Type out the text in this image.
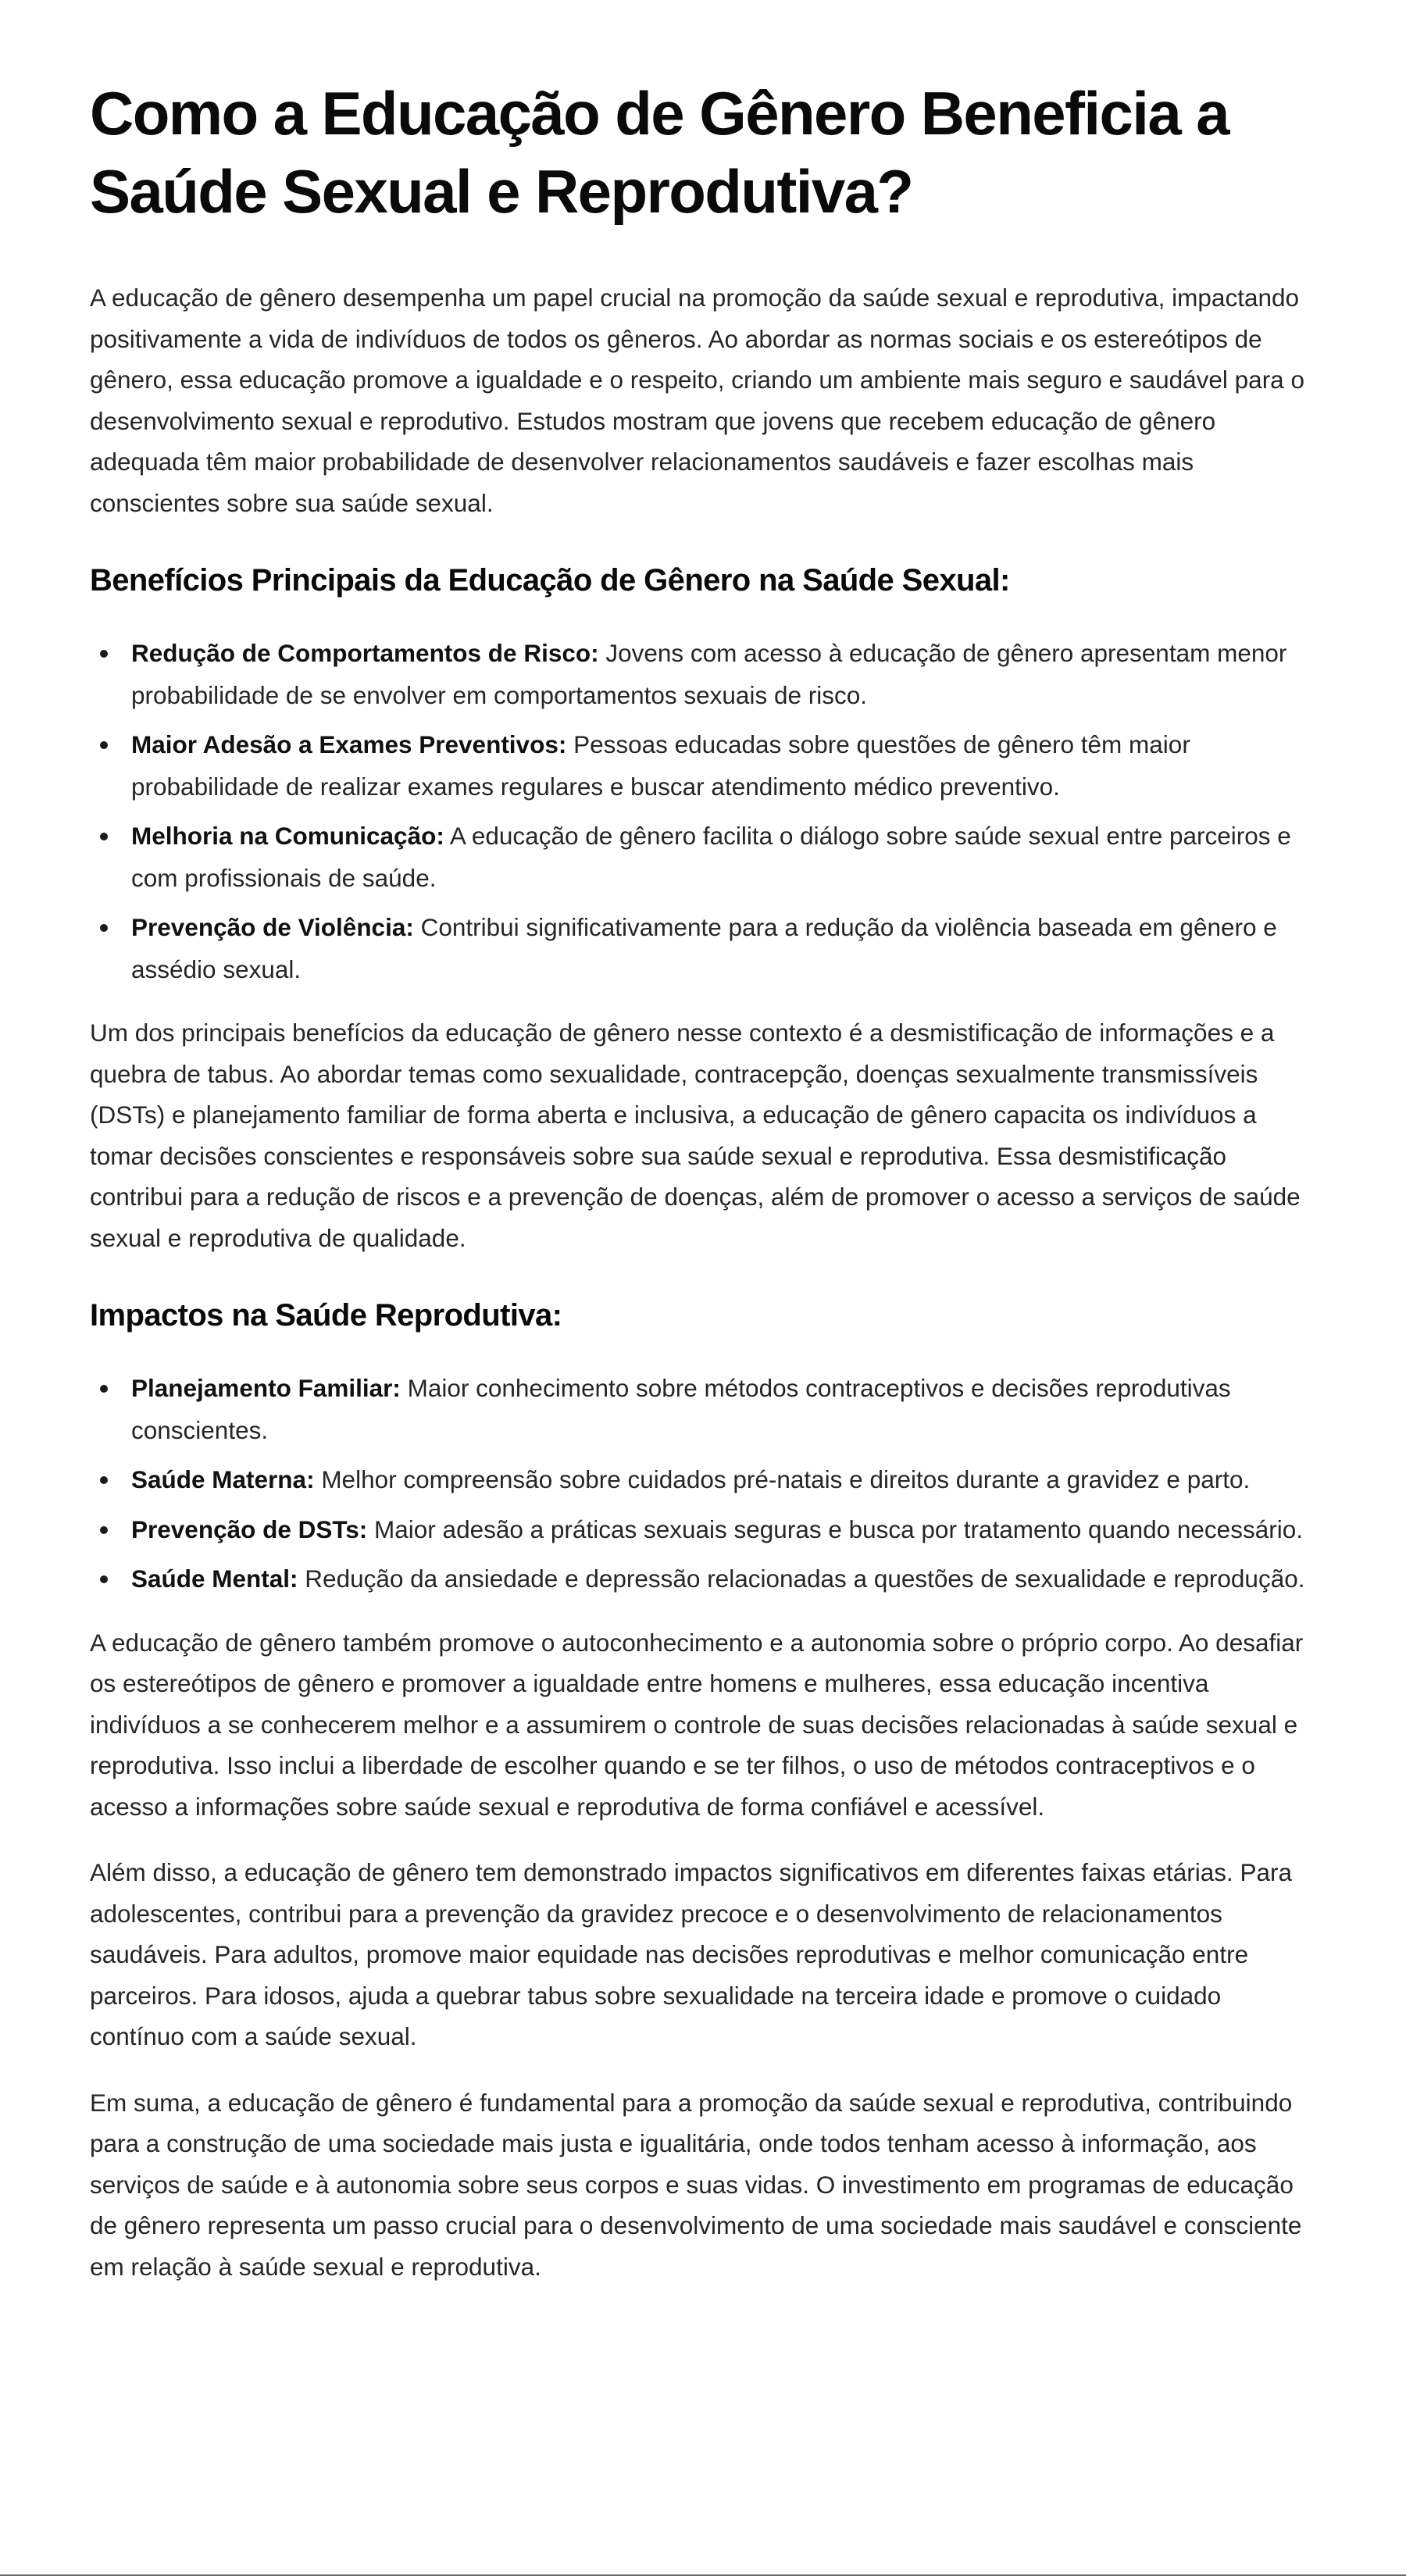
Como a Educação de Gênero Beneficia a Saúde Sexual e Reprodutiva?

A educação de gênero desempenha um papel crucial na promoção da saúde sexual e reprodutiva, impactando positivamente a vida de indivíduos de todos os gêneros. Ao abordar as normas sociais e os estereótipos de gênero, essa educação promove a igualdade e o respeito, criando um ambiente mais seguro e saudável para o desenvolvimento sexual e reprodutivo. Estudos mostram que jovens que recebem educação de gênero adequada têm maior probabilidade de desenvolver relacionamentos saudáveis e fazer escolhas mais conscientes sobre sua saúde sexual.

Benefícios Principais da Educação de Gênero na Saúde Sexual:
Redução de Comportamentos de Risco: Jovens com acesso à educação de gênero apresentam menor probabilidade de se envolver em comportamentos sexuais de risco.
Maior Adesão a Exames Preventivos: Pessoas educadas sobre questões de gênero têm maior probabilidade de realizar exames regulares e buscar atendimento médico preventivo.
Melhoria na Comunicação: A educação de gênero facilita o diálogo sobre saúde sexual entre parceiros e com profissionais de saúde.
Prevenção de Violência: Contribui significativamente para a redução da violência baseada em gênero e assédio sexual.

Um dos principais benefícios da educação de gênero nesse contexto é a desmistificação de informações e a quebra de tabus. Ao abordar temas como sexualidade, contracepção, doenças sexualmente transmissíveis (DSTs) e planejamento familiar de forma aberta e inclusiva, a educação de gênero capacita os indivíduos a tomar decisões conscientes e responsáveis sobre sua saúde sexual e reprodutiva. Essa desmistificação contribui para a redução de riscos e a prevenção de doenças, além de promover o acesso a serviços de saúde sexual e reprodutiva de qualidade.

Impactos na Saúde Reprodutiva:
Planejamento Familiar: Maior conhecimento sobre métodos contraceptivos e decisões reprodutivas conscientes.
Saúde Materna: Melhor compreensão sobre cuidados pré-natais e direitos durante a gravidez e parto.
Prevenção de DSTs: Maior adesão a práticas sexuais seguras e busca por tratamento quando necessário.
Saúde Mental: Redução da ansiedade e depressão relacionadas a questões de sexualidade e reprodução.

A educação de gênero também promove o autoconhecimento e a autonomia sobre o próprio corpo. Ao desafiar os estereótipos de gênero e promover a igualdade entre homens e mulheres, essa educação incentiva indivíduos a se conhecerem melhor e a assumirem o controle de suas decisões relacionadas à saúde sexual e reprodutiva. Isso inclui a liberdade de escolher quando e se ter filhos, o uso de métodos contraceptivos e o acesso a informações sobre saúde sexual e reprodutiva de forma confiável e acessível.

Além disso, a educação de gênero tem demonstrado impactos significativos em diferentes faixas etárias. Para adolescentes, contribui para a prevenção da gravidez precoce e o desenvolvimento de relacionamentos saudáveis. Para adultos, promove maior equidade nas decisões reprodutivas e melhor comunicação entre parceiros. Para idosos, ajuda a quebrar tabus sobre sexualidade na terceira idade e promove o cuidado contínuo com a saúde sexual.

Em suma, a educação de gênero é fundamental para a promoção da saúde sexual e reprodutiva, contribuindo para a construção de uma sociedade mais justa e igualitária, onde todos tenham acesso à informação, aos serviços de saúde e à autonomia sobre seus corpos e suas vidas. O investimento em programas de educação de gênero representa um passo crucial para o desenvolvimento de uma sociedade mais saudável e consciente em relação à saúde sexual e reprodutiva.
